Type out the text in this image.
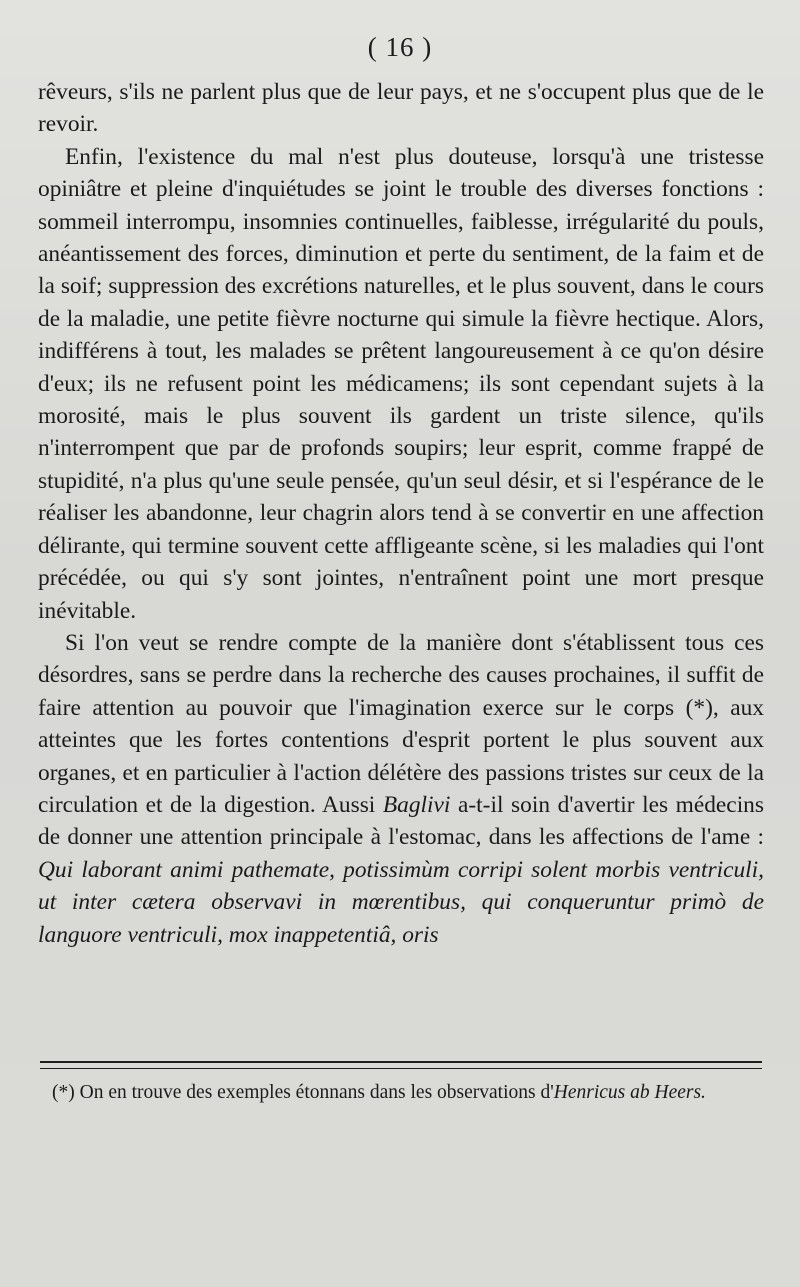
( 16 )

rêveurs, s'ils ne parlent plus que de leur pays, et ne s'occupent plus que de le revoir.

Enfin, l'existence du mal n'est plus douteuse, lorsqu'à une tristesse opiniâtre et pleine d'inquiétudes se joint le trouble des diverses fonctions : sommeil interrompu, insomnies continuelles, faiblesse, irrégularité du pouls, anéantissement des forces, diminution et perte du sentiment, de la faim et de la soif; suppression des excrétions naturelles, et le plus souvent, dans le cours de la maladie, une petite fièvre nocturne qui simule la fièvre hectique. Alors, indifférens à tout, les malades se prêtent langoureusement à ce qu'on désire d'eux; ils ne refusent point les médicamens; ils sont cependant sujets à la morosité, mais le plus souvent ils gardent un triste silence, qu'ils n'interrompent que par de profonds soupirs; leur esprit, comme frappé de stupidité, n'a plus qu'une seule pensée, qu'un seul désir, et si l'espérance de le réaliser les abandonne, leur chagrin alors tend à se convertir en une affection délirante, qui termine souvent cette affligeante scène, si les maladies qui l'ont précédée, ou qui s'y sont jointes, n'entraînent point une mort presque inévitable.

Si l'on veut se rendre compte de la manière dont s'établissent tous ces désordres, sans se perdre dans la recherche des causes prochaines, il suffit de faire attention au pouvoir que l'imagination exerce sur le corps (*), aux atteintes que les fortes contentions d'esprit portent le plus souvent aux organes, et en particulier à l'action délétère des passions tristes sur ceux de la circulation et de la digestion. Aussi Baglivi a-t-il soin d'avertir les médecins de donner une attention principale à l'estomac, dans les affections de l'ame : Qui laborant animi pathemate, potissimùm corripi solent morbis ventriculi, ut inter cætera observavi in mœrentibus, qui conqueruntur primò de languore ventriculi, mox inappetentiâ, oris

(*) On en trouve des exemples étonnans dans les observations d'Henricus ab Heers.
